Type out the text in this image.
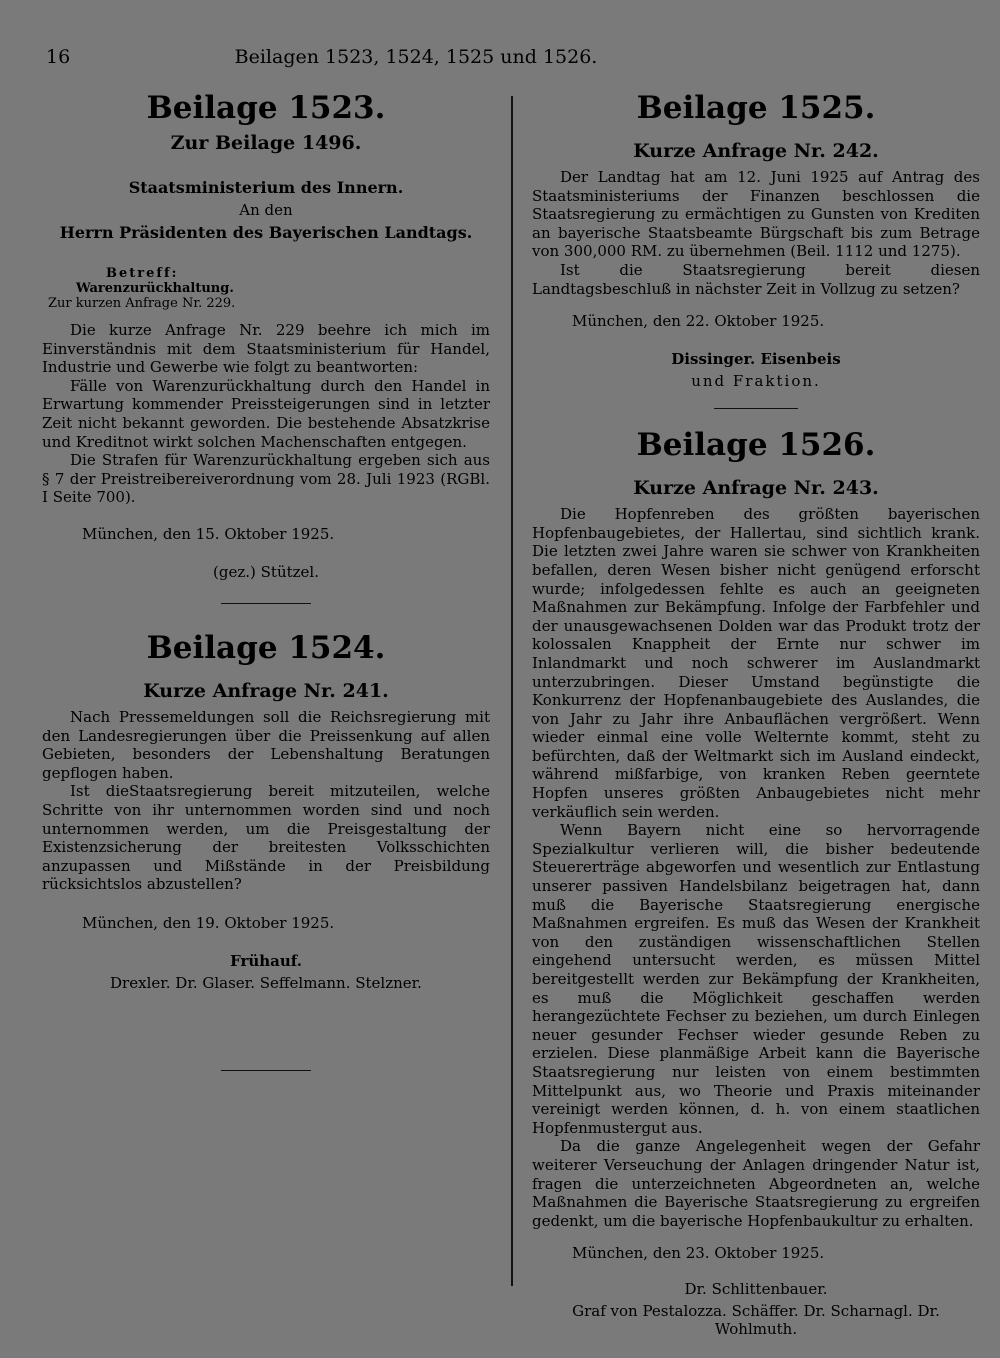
16	Beilagen 1523, 1524, 1525 und 1526.
Beilage 1523.
Zur Beilage 1496.
Staatsministerium des Innern.
An den
Herrn Präsidenten des Bayerischen Landtags.
Betreff:
Warenzurückhaltung.
Zur kurzen Anfrage Nr. 229.

Die kurze Anfrage Nr. 229 beehre ich mich im Einverständnis mit dem Staatsministerium für Handel, Industrie und Gewerbe wie folgt zu beantworten:

Fälle von Warenzurückhaltung durch den Handel in Erwartung kommender Preissteigerungen sind in letzter Zeit nicht bekannt geworden. Die bestehende Absatzkrise und Kreditnot wirkt solchen Machenschaften entgegen.

Die Strafen für Warenzurückhaltung ergeben sich aus § 7 der Preistreibereiverordnung vom 28. Juli 1923 (RGBl. I Seite 700).

München, den 15. Oktober 1925.
(gez.) Stützel.
Beilage 1524.
Kurze Anfrage Nr. 241.

Nach Pressemeldungen soll die Reichsregierung mit den Landesregierungen über die Preissenkung auf allen Gebieten, besonders der Lebenshaltung Beratungen gepflogen haben.

Ist dieStaatsregierung bereit mitzuteilen, welche Schritte von ihr unternommen worden sind und noch unternommen werden, um die Preisgestaltung der Existenzsicherung der breitesten Volksschichten anzupassen und Mißstände in der Preisbildung rücksichtslos abzustellen?

München, den 19. Oktober 1925.
Frühauf.
Drexler. Dr. Glaser. Seffelmann. Stelzner.
Beilage 1525.
Kurze Anfrage Nr. 242.

Der Landtag hat am 12. Juni 1925 auf Antrag des Staatsministeriums der Finanzen beschlossen die Staatsregierung zu ermächtigen zu Gunsten von Krediten an bayerische Staatsbeamte Bürgschaft bis zum Betrage von 300,000 RM. zu übernehmen (Beil. 1112 und 1275).

Ist die Staatsregierung bereit diesen Landtagsbeschluß in nächster Zeit in Vollzug zu setzen?

München, den 22. Oktober 1925.
Dissinger. Eisenbeis
und Fraktion.
Beilage 1526.
Kurze Anfrage Nr. 243.

Die Hopfenreben des größten bayerischen Hopfenbaugebietes, der Hallertau, sind sichtlich krank. Die letzten zwei Jahre waren sie schwer von Krankheiten befallen, deren Wesen bisher nicht genügend erforscht wurde; infolgedessen fehlte es auch an geeigneten Maßnahmen zur Bekämpfung. Infolge der Farbfehler und der unausgewachsenen Dolden war das Produkt trotz der kolossalen Knappheit der Ernte nur schwer im Inlandmarkt und noch schwerer im Auslandmarkt unterzubringen. Dieser Umstand begünstigte die Konkurrenz der Hopfenanbaugebiete des Auslandes, die von Jahr zu Jahr ihre Anbauflächen vergrößert. Wenn wieder einmal eine volle Welternte kommt, steht zu befürchten, daß der Weltmarkt sich im Ausland eindeckt, während mißfarbige, von kranken Reben geerntete Hopfen unseres größten Anbaugebietes nicht mehr verkäuflich sein werden.

Wenn Bayern nicht eine so hervorragende Spezialkultur verlieren will, die bisher bedeutende Steuererträge abgeworfen und wesentlich zur Entlastung unserer passiven Handelsbilanz beigetragen hat, dann muß die Bayerische Staatsregierung energische Maßnahmen ergreifen. Es muß das Wesen der Krankheit von den zuständigen wissenschaftlichen Stellen eingehend untersucht werden, es müssen Mittel bereitgestellt werden zur Bekämpfung der Krankheiten, es muß die Möglichkeit geschaffen werden herangezüchtete Fechser zu beziehen, um durch Einlegen neuer gesunder Fechser wieder gesunde Reben zu erzielen. Diese planmäßige Arbeit kann die Bayerische Staatsregierung nur leisten von einem bestimmten Mittelpunkt aus, wo Theorie und Praxis miteinander vereinigt werden können, d. h. von einem staatlichen Hopfenmustergut aus.

Da die ganze Angelegenheit wegen der Gefahr weiterer Verseuchung der Anlagen dringender Natur ist, fragen die unterzeichneten Abgeordneten an, welche Maßnahmen die Bayerische Staatsregierung zu ergreifen gedenkt, um die bayerische Hopfenbaukultur zu erhalten.

München, den 23. Oktober 1925.
Dr. Schlittenbauer.
Graf von Pestalozza. Schäffer. Dr. Scharnagl. Dr. Wohlmuth.
